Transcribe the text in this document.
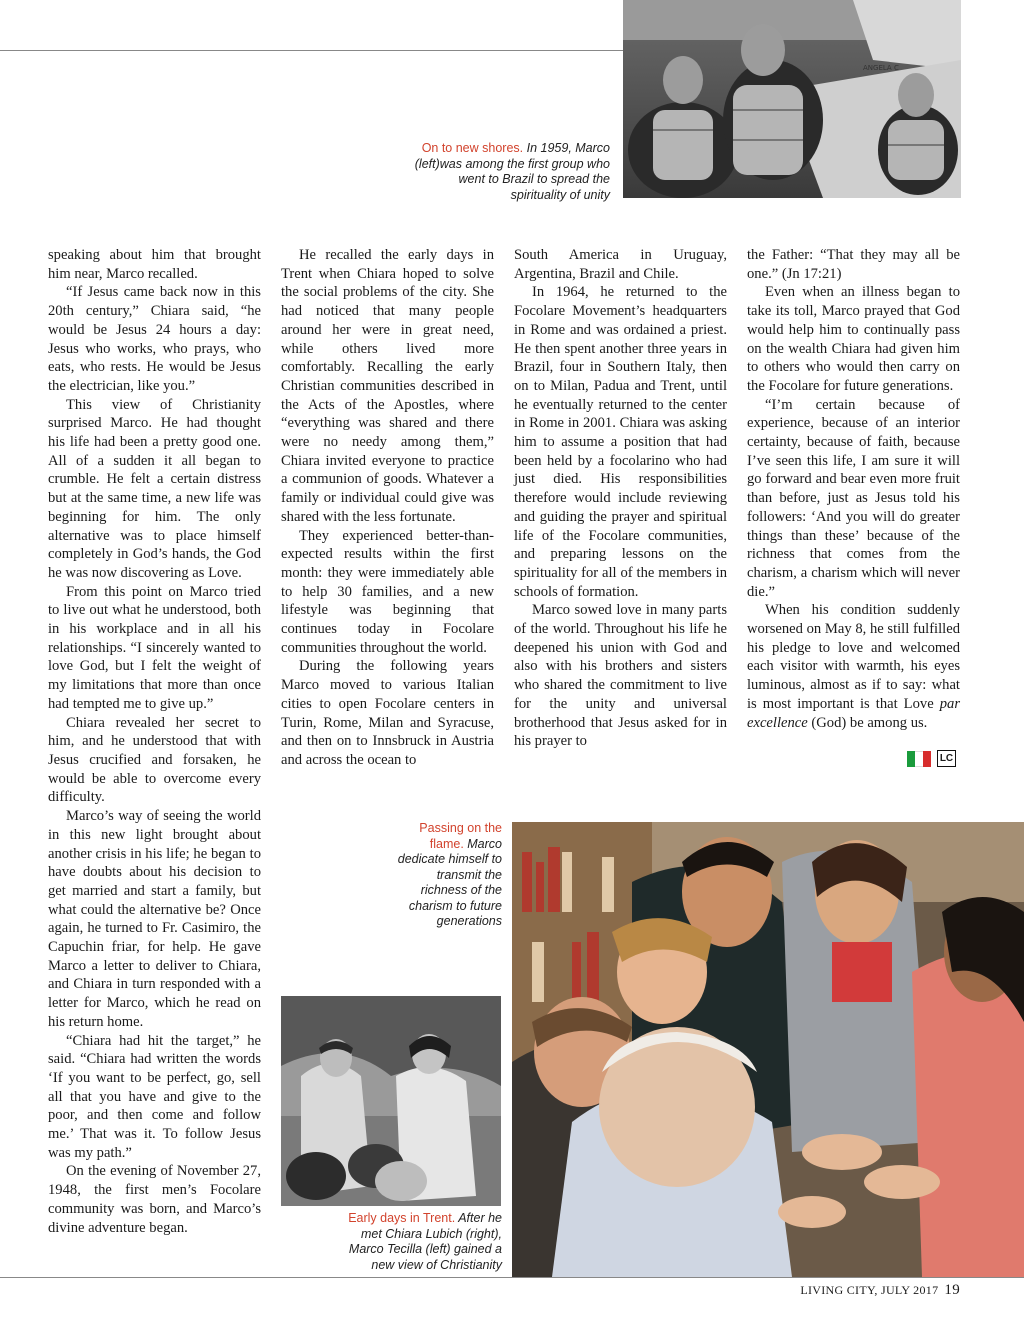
ANGELA C
On to new shores. In 1959, Marco (left)was among the first group who went to Brazil to spread the spirituality of unity

speaking about him that brought him near, Marco recalled.

“If Jesus came back now in this 20th century,” Chiara said, “he would be Jesus 24 hours a day: Jesus who works, who prays, who eats, who rests. He would be Jesus the electrician, like you.”

This view of Christianity surprised Marco. He had thought his life had been a pretty good one. All of a sudden it all began to crumble. He felt a certain distress but at the same time, a new life was beginning for him. The only alternative was to place himself completely in God’s hands, the God he was now discovering as Love.

From this point on Marco tried to live out what he understood, both in his workplace and in all his relationships. “I sincerely wanted to love God, but I felt the weight of my limitations that more than once had tempted me to give up.”

Chiara revealed her secret to him, and he understood that with Jesus crucified and forsaken, he would be able to overcome every difficulty.

Marco’s way of seeing the world in this new light brought about another crisis in his life; he began to have doubts about his decision to get married and start a family, but what could the alternative be? Once again, he turned to Fr. Casimiro, the Capuchin friar, for help. He gave Marco a letter to deliver to Chiara, and Chiara in turn responded with a letter for Marco, which he read on his return home.

“Chiara had hit the target,” he said. “Chiara had written the words ‘If you want to be perfect, go, sell all that you have and give to the poor, and then come and follow me.’ That was it. To follow Jesus was my path.”

On the evening of November 27, 1948, the first men’s Focolare community was born, and Marco’s divine adventure began.

He recalled the early days in Trent when Chiara hoped to solve the social problems of the city. She had noticed that many people around her were in great need, while others lived more comfortably. Recalling the early Christian communities described in the Acts of the Apostles, where “everything was shared and there were no needy among them,” Chiara invited everyone to practice a communion of goods. Whatever a family or individual could give was shared with the less fortunate.

They experienced better-than-expected results within the first month: they were immediately able to help 30 families, and a new lifestyle was beginning that continues today in Focolare communities throughout the world.

During the following years Marco moved to various Italian cities to open Focolare centers in Turin, Rome, Milan and Syracuse, and then on to Innsbruck in Austria and across the ocean to

South America in Uruguay, Argentina, Brazil and Chile.

In 1964, he returned to the Focolare Movement’s headquarters in Rome and was ordained a priest. He then spent another three years in Brazil, four in Southern Italy, then on to Milan, Padua and Trent, until he eventually returned to the center in Rome in 2001. Chiara was asking him to assume a position that had been held by a focolarino who had just died. His responsibilities therefore would include reviewing and guiding the prayer and spiritual life of the Focolare communities, and preparing lessons on the spirituality for all of the members in schools of formation.

Marco sowed love in many parts of the world. Throughout his life he deepened his union with God and also with his brothers and sisters who shared the commitment to live for the unity and universal brotherhood that Jesus asked for in his prayer to

the Father: “That they may all be one.” (Jn 17:21)

Even when an illness began to take its toll, Marco prayed that God would help him to continually pass on the wealth Chiara had given him to others who would then carry on the Focolare for future generations.

“I’m certain because of experience, because of an interior certainty, because of faith, because I’ve seen this life, I am sure it will go forward and bear even more fruit than before, just as Jesus told his followers: ‘And you will do greater things than these’ because of the richness that comes from the charism, a charism which will never die.”

When his condition suddenly worsened on May 8, he still fulfilled his pledge to love and welcomed each visitor with warmth, his eyes luminous, almost as if to say: what is most important is that Love par excellence (God) be among us.

LC
Passing on the flame. Marco dedicate himself to transmit the richness of the charism to future generations
Early days in Trent. After he met Chiara Lubich (right), Marco Tecilla (left) gained a new view of Christianity
LIVING CITY, JULY 2017 19
